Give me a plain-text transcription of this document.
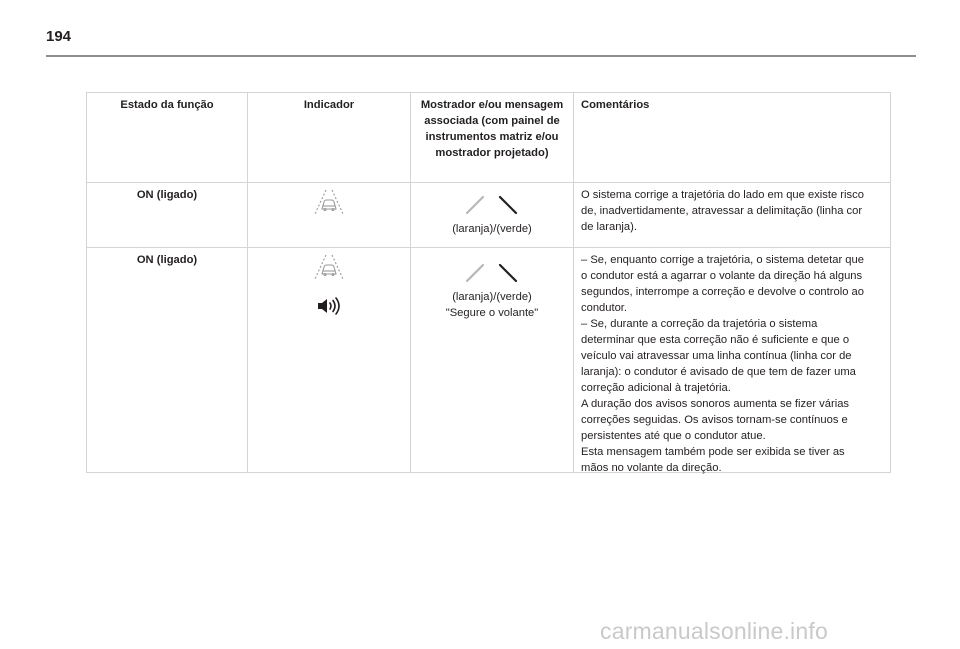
194
Estado da função	Indicador	Mostrador e/ou mensagem associada (com painel de instrumentos matriz e/ou mostrador projetado)
Comentários
ON (ligado)
(laranja)/(verde)
O sistema corrige a trajetória do lado em que existe risco
de, inadvertidamente, atravessar a delimitação (linha cor
de laranja).
ON (ligado)
(laranja)/(verde)
"Segure o volante"
– Se, enquanto corrige a trajetória, o sistema detetar que
o condutor está a agarrar o volante da direção há alguns
segundos, interrompe a correção e devolve o controlo ao
condutor.
– Se, durante a correção da trajetória o sistema
determinar que esta correção não é suficiente e que o
veículo vai atravessar uma linha contínua (linha cor de
laranja): o condutor é avisado de que tem de fazer uma
correção adicional à trajetória.
A duração dos avisos sonoros aumenta se fizer várias
correções seguidas. Os avisos tornam-se contínuos e
persistentes até que o condutor atue.
Esta mensagem também pode ser exibida se tiver as
mãos no volante da direção.
carmanualsonline.info
